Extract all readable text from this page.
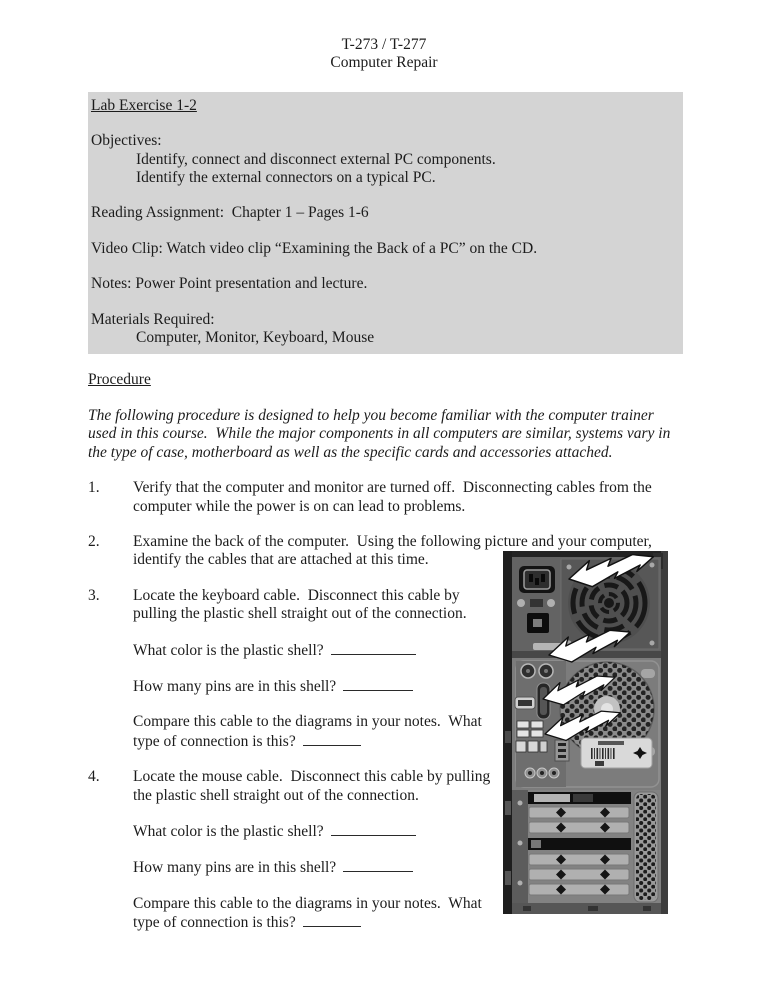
T-273 / T-277
Computer Repair
Lab Exercise 1-2
Objectives:
Identify, connect and disconnect external PC components.
Identify the external connectors on a typical PC.
Reading Assignment:  Chapter 1 – Pages 1-6
Video Clip: Watch video clip “Examining the Back of a PC” on the CD.
Notes: Power Point presentation and lecture.
Materials Required:
Computer, Monitor, Keyboard, Mouse
Procedure

The following procedure is designed to help you become familiar with the computer trainer used in this course.  While the major components in all computers are similar, systems vary in the type of case, motherboard as well as the specific cards and accessories attached.

1.	Verify that the computer and monitor are turned off.  Disconnecting cables from the computer while the power is on can lead to problems.

2.	Examine the back of the computer.  Using the following picture and your computer, identify the cables that are attached at this time.

3.	Locate the keyboard cable.  Disconnect this cable by pulling the plastic shell straight out of the connection.

What color is the plastic shell?

How many pins are in this shell?

Compare this cable to the diagrams in your notes.  What type of connection is this?

4.	Locate the mouse cable.  Disconnect this cable by pulling the plastic shell straight out of the connection.

What color is the plastic shell?

How many pins are in this shell?

Compare this cable to the diagrams in your notes.  What type of connection is this?
